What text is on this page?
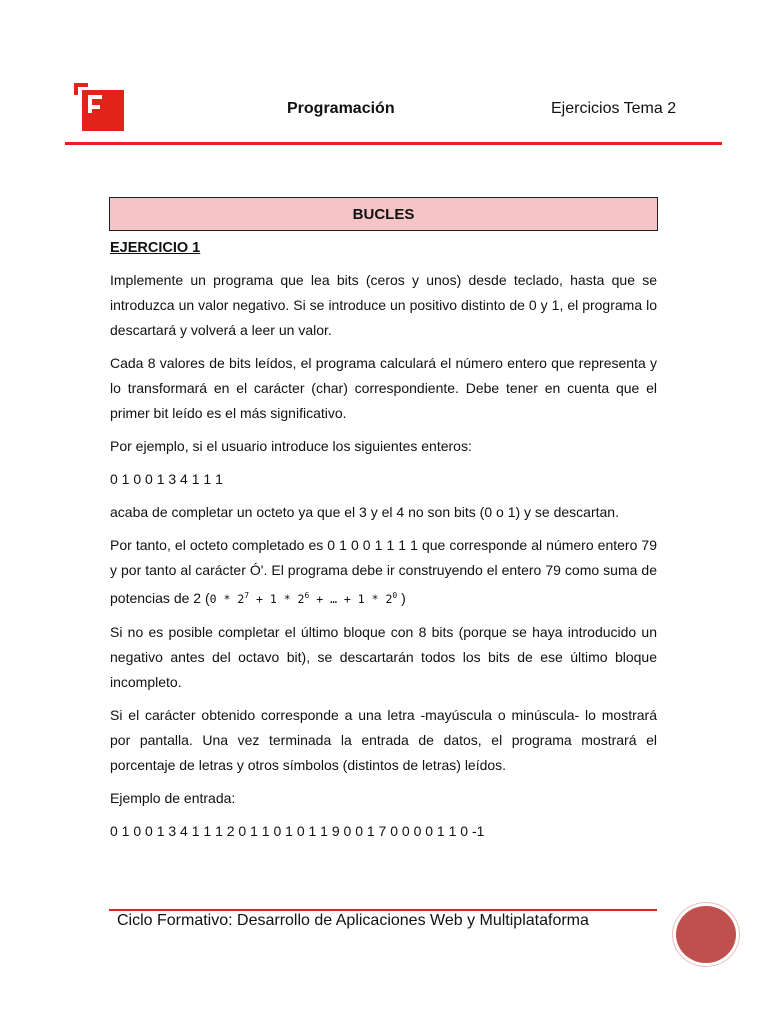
Programación	Ejercicios Tema 2
BUCLES

EJERCICIO 1

Implemente un programa que lea bits (ceros y unos) desde teclado, hasta que se introduzca un valor negativo. Si se introduce un positivo distinto de 0 y 1, el programa lo descartará y volverá a leer un valor.

Cada 8 valores de bits leídos, el programa calculará el número entero que representa y lo transformará en el carácter (char) correspondiente. Debe tener en cuenta que el primer bit leído es el más significativo.

Por ejemplo, si el usuario introduce los siguientes enteros:

0 1 0 0 1 3 4 1 1 1

acaba de completar un octeto ya que el 3 y el 4 no son bits (0 o 1) y se descartan.

Por tanto, el octeto completado es 0 1 0 0 1 1 1 1 que corresponde al número entero 79 y por tanto al carácter Ó'. El programa debe ir construyendo el entero 79 como suma de potencias de 2 ($0 * 2^7 + 1 * 2^6$ + … + $1 * 2^0$ )

Si no es posible completar el último bloque con 8 bits (porque se haya introducido un negativo antes del octavo bit), se descartarán todos los bits de ese último bloque incompleto.

Si el carácter obtenido corresponde a una letra -mayúscula o minúscula- lo mostrará por pantalla. Una vez terminada la entrada de datos, el programa mostrará el porcentaje de letras y otros símbolos (distintos de letras) leídos.

Ejemplo de entrada:

0 1 0 0 1 3 4 1 1 1 2 0 1 1 0 1 0 1 1 9 0 0 1 7 0 0 0 0 1 1 0 -1

Ciclo Formativo: Desarrollo de Aplicaciones Web y Multiplataforma
